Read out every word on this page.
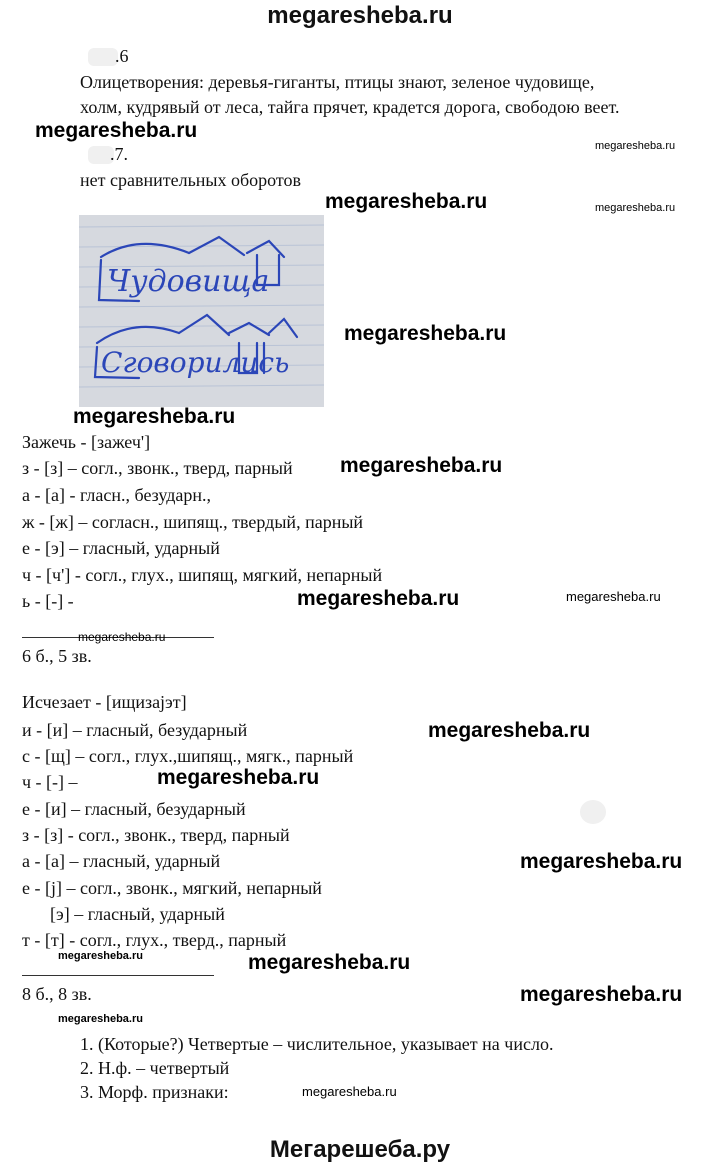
megaresheba.ru
.6
Олицетворения: деревья-гиганты, птицы знают, зеленое чудовище,
холм, кудрявый от леса, тайга прячет, крадется дорога, свободою веет.
megaresheba.ru
megaresheba.ru
.7.
нет сравнительных оборотов
megaresheba.ru	megaresheba.ru
Чудовища
Сговорились
megaresheba.ru
megaresheba.ru
Зажечь - [зажеч']
з - [з] – согл., звонк., тверд, парный megaresheba.ru
а - [а] - гласн., безударн.,
ж - [ж] – согласн., шипящ., твердый, парный
е - [э] – гласный, ударный
ч - [ч'] - согл., глух., шипящ, мягкий, непарный
ь - [-] -	megaresheba.ru	megaresheba.ru
megaresheba.ru
6 б., 5 зв.
Исчезает - [ищизајэт]
и - [и] – гласный, безударный	megaresheba.ru
с - [щ] – согл., глух.,шипящ., мягк., парный
ч - [-] –	megaresheba.ru
е - [и] – гласный, безударный
з - [з] - согл., звонк., тверд, парный
а - [а] – гласный, ударный	megaresheba.ru
е - [j] – согл., звонк., мягкий, непарный
[э] – гласный, ударный
т - [т] - согл., глух., тверд., парный
megaresheba.ru	megaresheba.ru
8 б., 8 зв.	megaresheba.ru
megaresheba.ru
1. (Которые?) Четвертые – числительное, указывает на число.
2. Н.ф. – четвертый
3. Морф. признаки:	megaresheba.ru
Мегарешеба.ру
